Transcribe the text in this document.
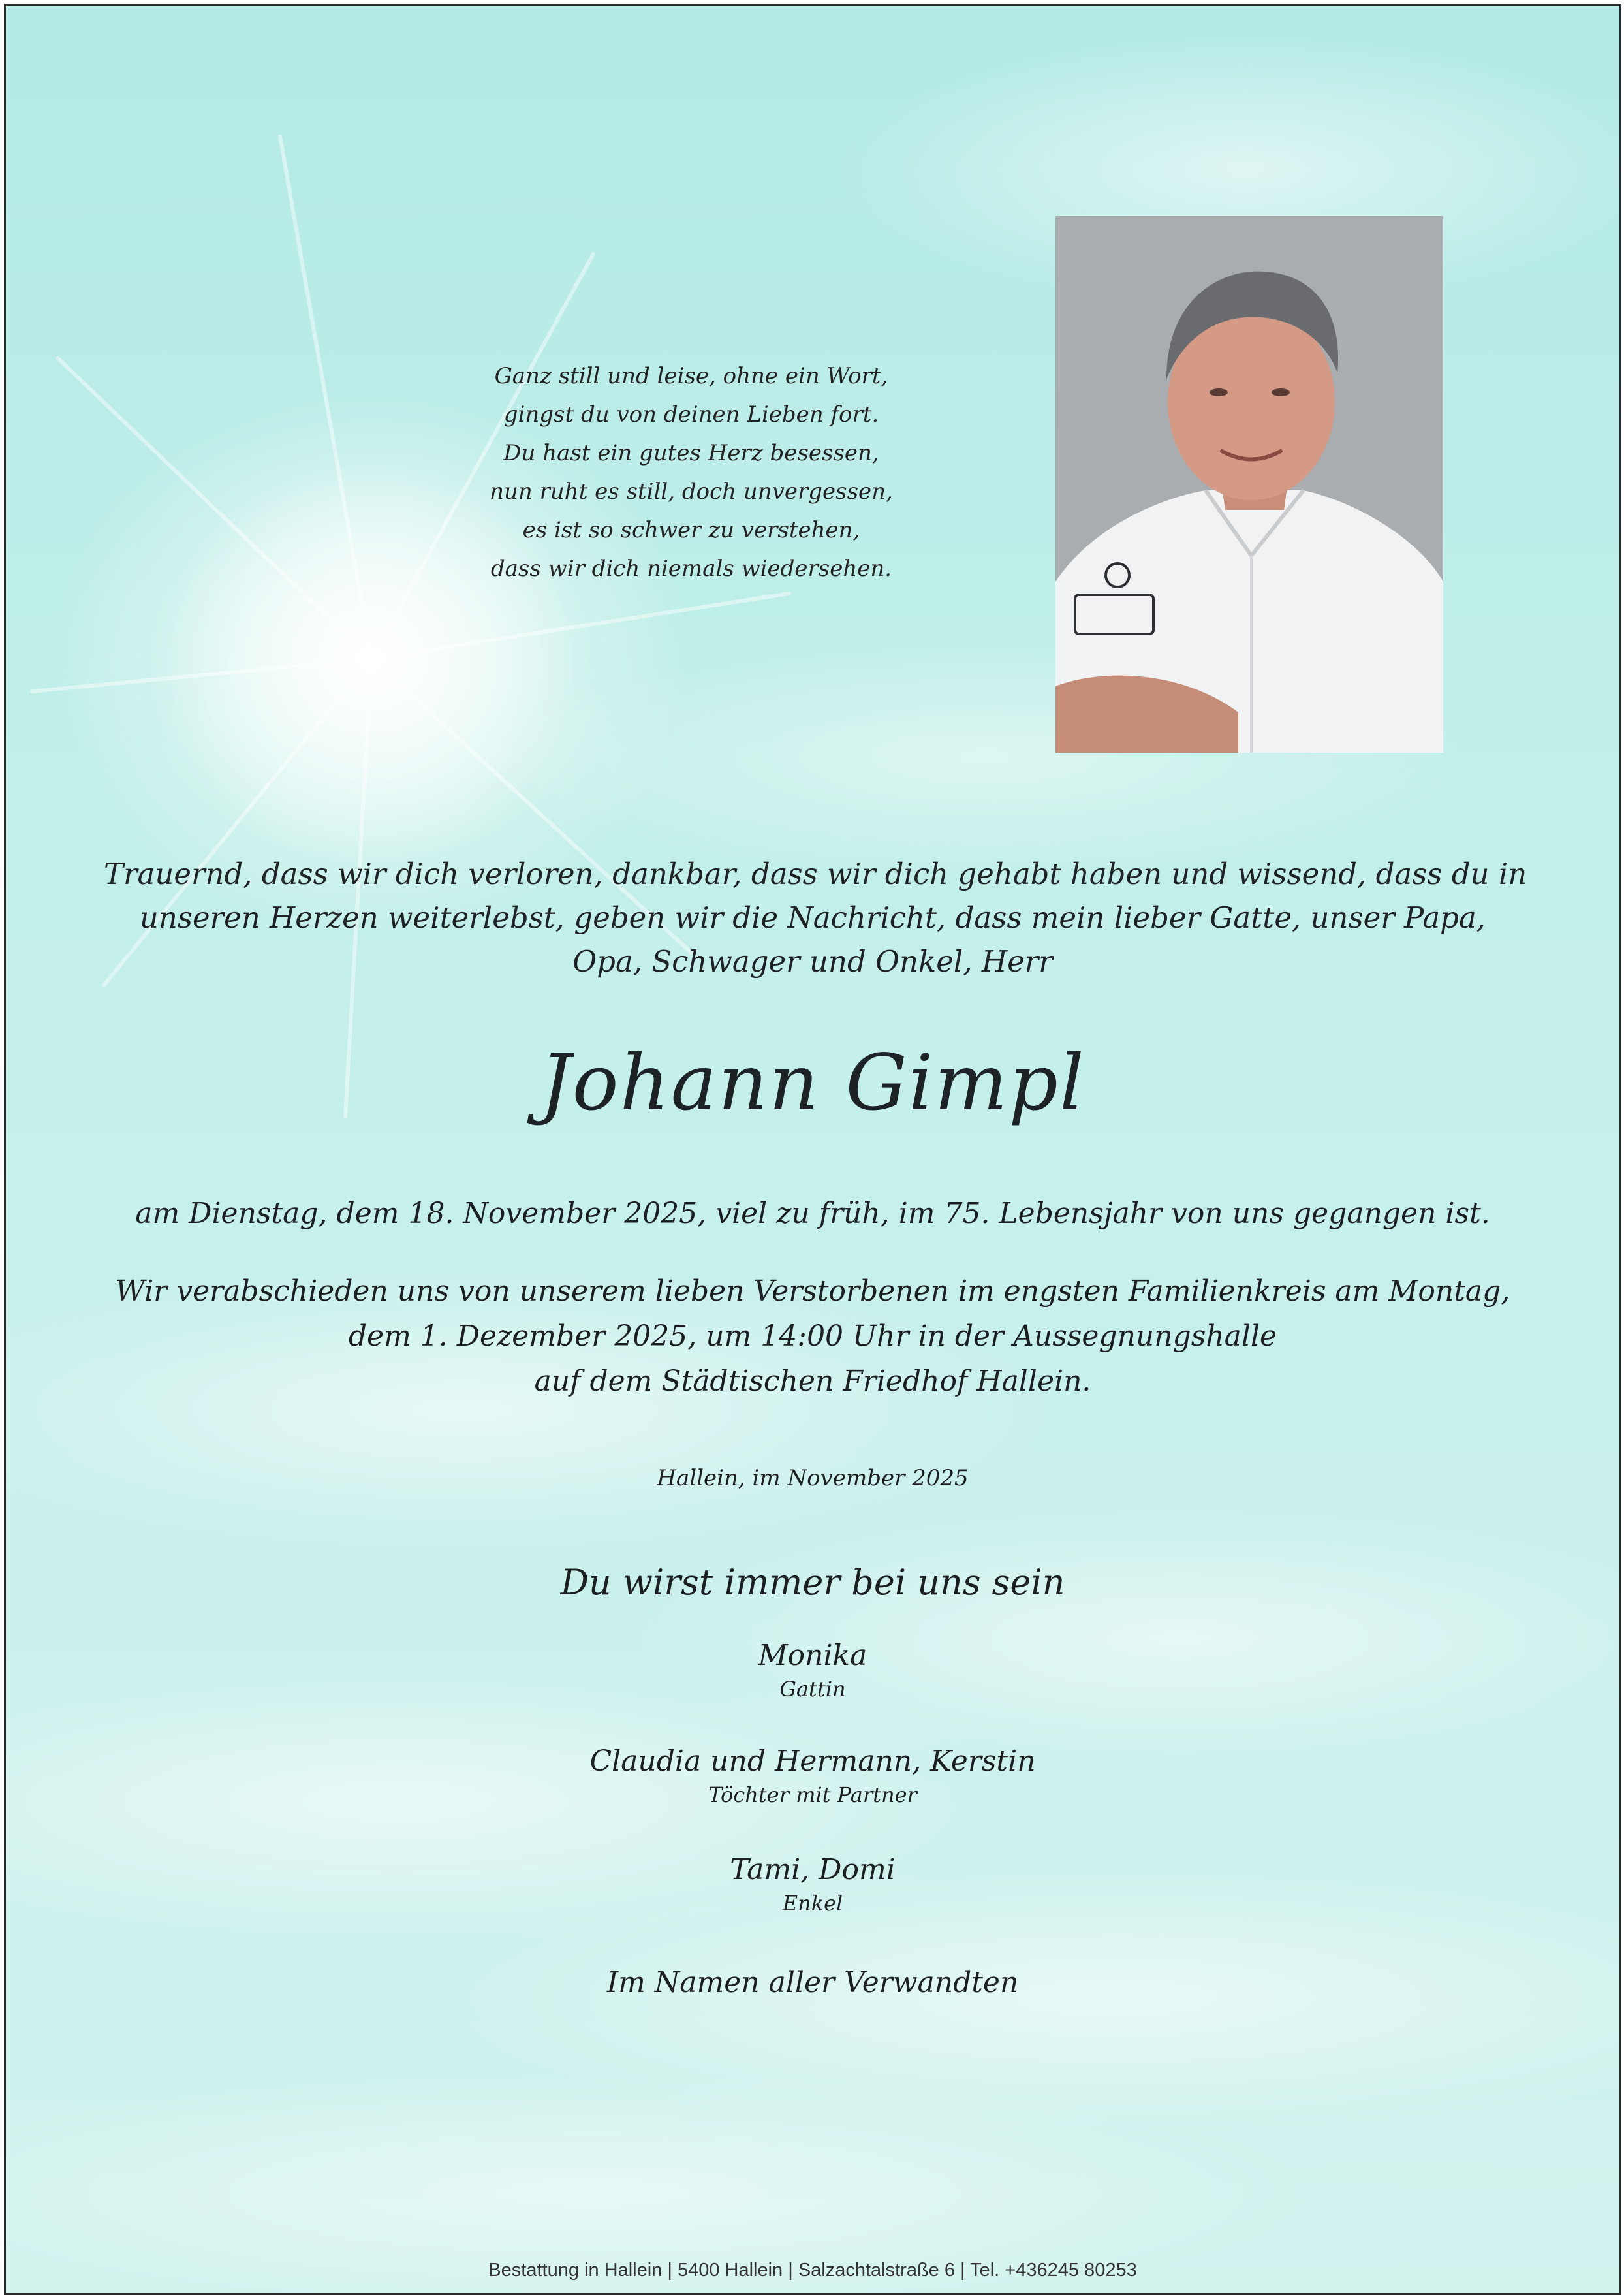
Ganz still und leise, ohne ein Wort,
gingst du von deinen Lieben fort.
Du hast ein gutes Herz besessen,
nun ruht es still, doch unvergessen,
es ist so schwer zu verstehen,
dass wir dich niemals wiedersehen.
Trauernd, dass wir dich verloren, dankbar, dass wir dich gehabt haben und wissend, dass du in
unseren Herzen weiterlebst, geben wir die Nachricht, dass mein lieber Gatte, unser Papa,
Opa, Schwager und Onkel, Herr
Johann Gimpl
am Dienstag, dem 18. November 2025, viel zu früh, im 75. Lebensjahr von uns gegangen ist.
Wir verabschieden uns von unserem lieben Verstorbenen im engsten Familienkreis am Montag,
dem 1. Dezember 2025, um 14:00 Uhr in der Aussegnungshalle
auf dem Städtischen Friedhof Hallein.
Hallein, im November 2025
Du wirst immer bei uns sein
Monika
Gattin
Claudia und Hermann, Kerstin
Töchter mit Partner
Tami, Domi
Enkel
Im Namen aller Verwandten
Bestattung in Hallein | 5400 Hallein | Salzachtalstraße 6 | Tel. +436245 80253
